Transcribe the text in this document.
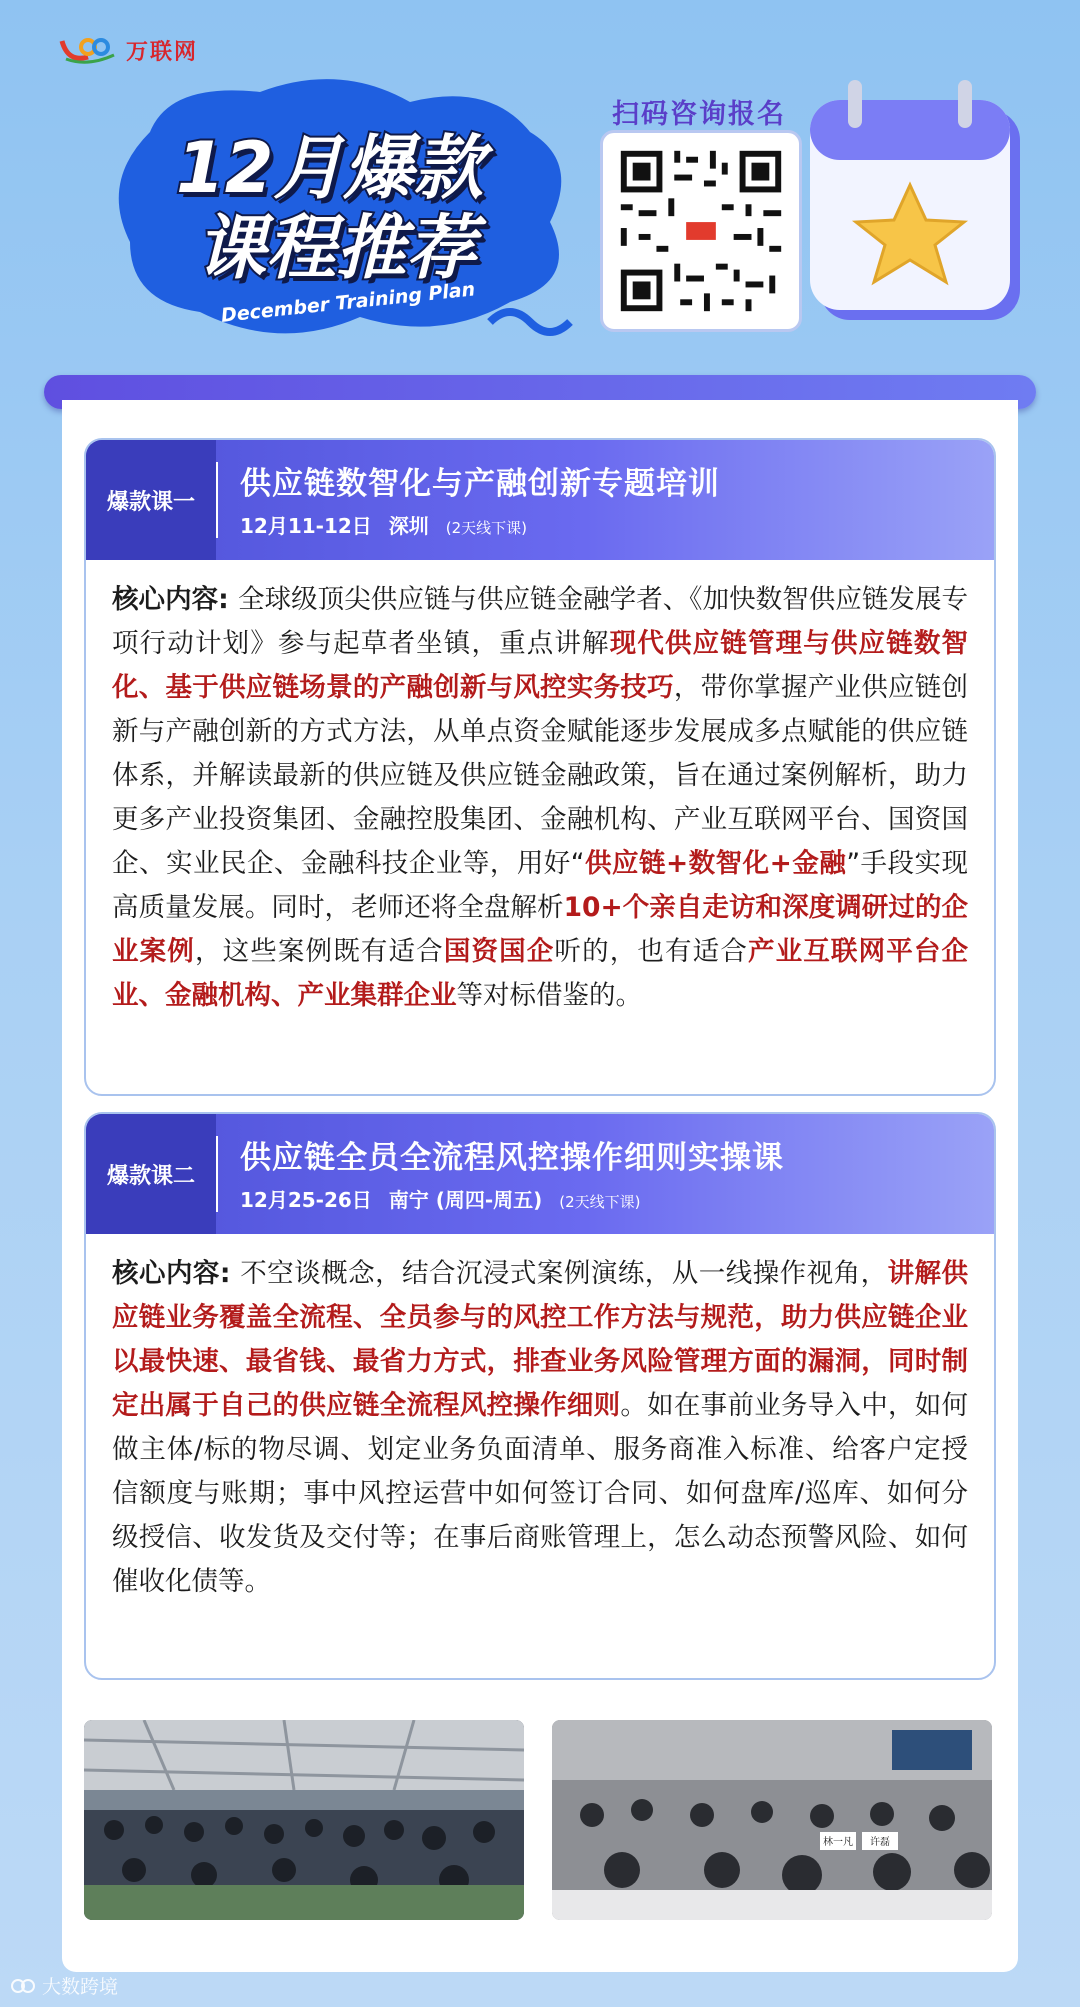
万联网
12月爆款
课程推荐
December Training Plan
扫码咨询报名
爆款课一	供应链数智化与产融创新专题培训
12月11-12日 深圳 (2天线下课)
核心内容: 全球级顶尖供应链与供应链金融学者、《加快数智供应链发展专项行动计划》参与起草者坐镇，重点讲解现代供应链管理与供应链数智化、基于供应链场景的产融创新与风控实务技巧，带你掌握产业供应链创新与产融创新的方式方法，从单点资金赋能逐步发展成多点赋能的供应链体系，并解读最新的供应链及供应链金融政策，旨在通过案例解析，助力更多产业投资集团、金融控股集团、金融机构、产业互联网平台、国资国企、实业民企、金融科技企业等，用好“供应链+数智化+金融”手段实现高质量发展。同时，老师还将全盘解析10+个亲自走访和深度调研过的企业案例，这些案例既有适合国资国企听的，也有适合产业互联网平台企业、金融机构、产业集群企业等对标借鉴的。
爆款课二	供应链全员全流程风控操作细则实操课
12月25-26日 南宁 (周四-周五) (2天线下课)
核心内容: 不空谈概念，结合沉浸式案例演练，从一线操作视角，讲解供应链业务覆盖全流程、全员参与的风控工作方法与规范，助力供应链企业以最快速、最省钱、最省力方式，排查业务风险管理方面的漏洞，同时制定出属于自己的供应链全流程风控操作细则。如在事前业务导入中，如何做主体/标的物尽调、划定业务负面清单、服务商准入标准、给客户定授信额度与账期；事中风控运营中如何签订合同、如何盘库/巡库、如何分级授信、收发货及交付等；在事后商账管理上，怎么动态预警风险、如何催收化债等。
林一凡 许磊
大数跨境
